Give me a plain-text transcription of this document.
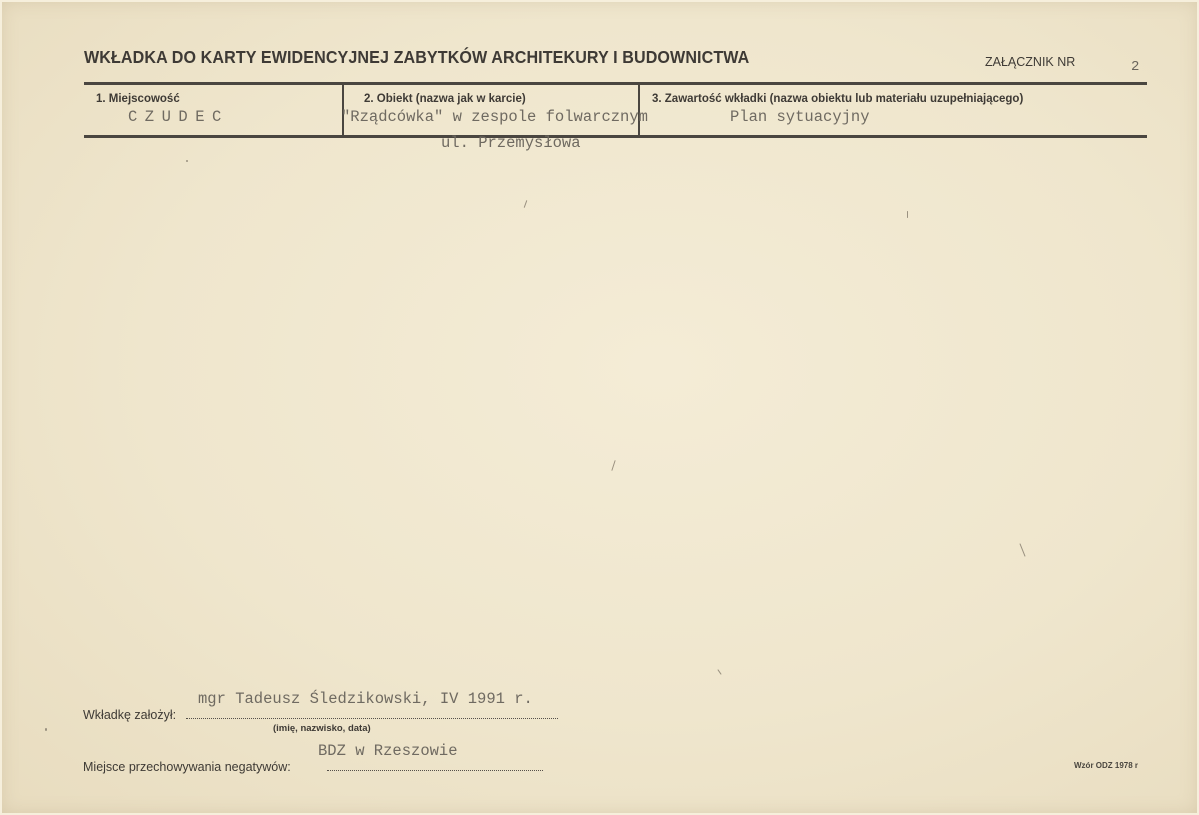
WKŁADKA DO KARTY EWIDENCYJNEJ ZABYTKÓW ARCHITEKURY I BUDOWNICTWA	ZAŁĄCZNIK NR	2
1. Miejscowość
CZUDEC
2. Obiekt (nazwa jak w karcie)
"Rządcówka" w zespole folwarcznym
ul. Przemysłowa
3. Zawartość wkładki (nazwa obiektu lub materiału uzupełniającego)
Plan sytuacyjny
mgr Tadeusz Śledzikowski, IV 1991 r.
Wkładkę założył:
(imię, nazwisko, data)
BDZ w Rzeszowie
Miejsce przechowywania negatywów:	Wzór ODZ 1978 r
